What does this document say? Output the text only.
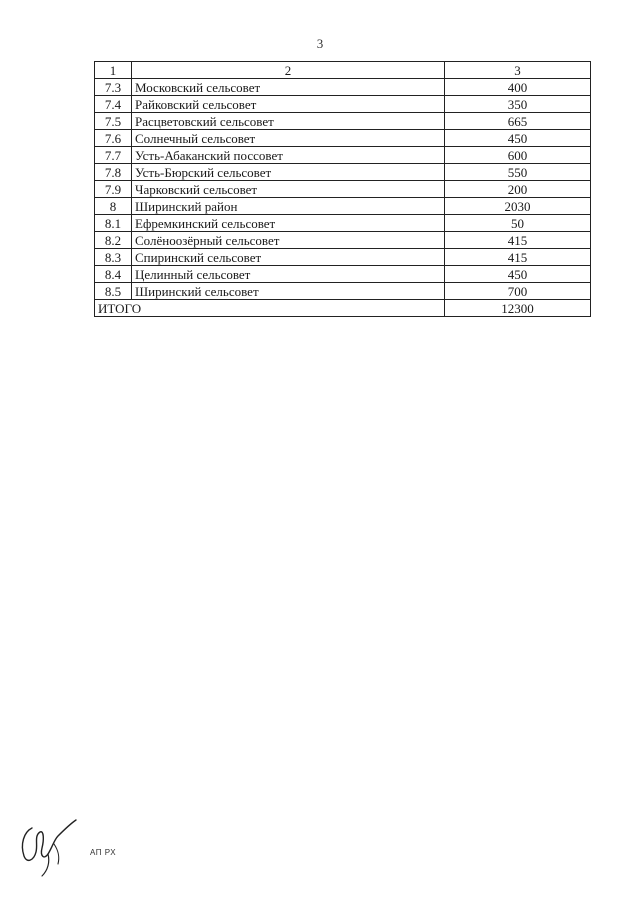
3
1	2	3
7.3	Московский сельсовет	400
7.4	Райковский сельсовет	350
7.5	Расцветовский сельсовет	665
7.6	Солнечный сельсовет	450
7.7	Усть-Абаканский поссовет	600
7.8	Усть-Бюрский сельсовет	550
7.9	Чарковский сельсовет	200
8	Ширинский район	2030
8.1	Ефремкинский сельсовет	50
8.2	Солёноозёрный сельсовет	415
8.3	Спиринский сельсовет	415
8.4	Целинный сельсовет	450
8.5	Ширинский сельсовет	700
ИТОГО		12300
АП РХ
